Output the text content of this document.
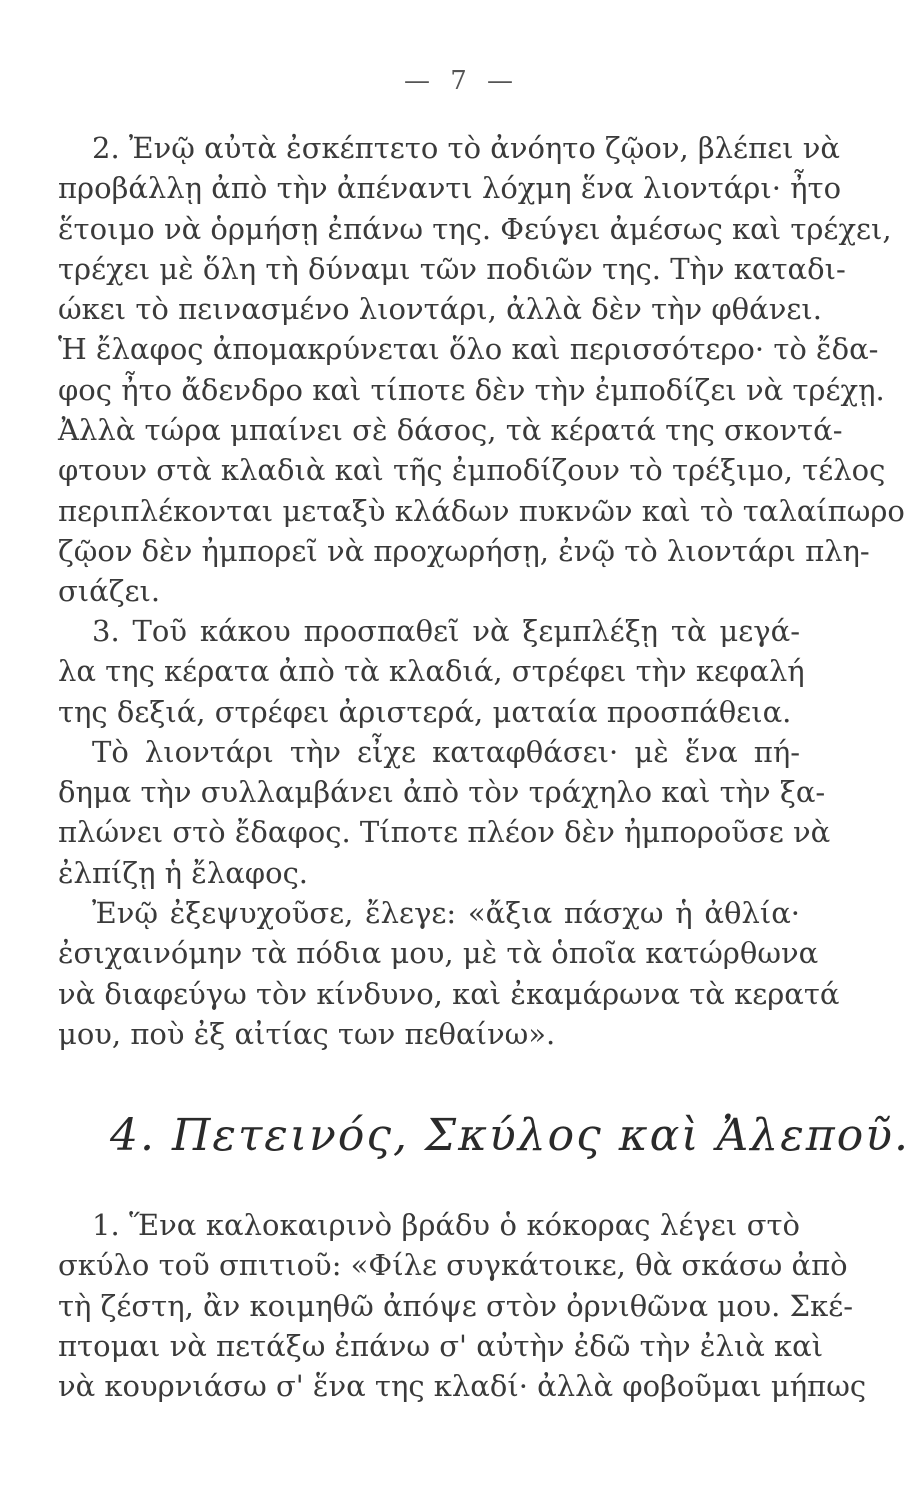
— 7 —
2. Ἐνῷ αὐτὰ ἐσκέπτετο τὸ ἀνόητο ζῷον, βλέπει νὰ
προβάλλῃ ἀπὸ τὴν ἀπέναντι λόχμη ἕνα λιοντάρι· ἦτο
ἕτοιμο νὰ ὁρμήσῃ ἐπάνω της. Φεύγει ἀμέσως καὶ τρέχει,
τρέχει μὲ ὅλη τὴ δύναμι τῶν ποδιῶν της. Τὴν καταδι-
ώκει τὸ πεινασμένο λιοντάρι, ἀλλὰ δὲν τὴν φθάνει.
Ἡ ἔλαφος ἀπομακρύνεται ὅλο καὶ περισσότερο· τὸ ἔδα-
φος ἦτο ἄδενδρο καὶ τίποτε δὲν τὴν ἐμποδίζει νὰ τρέχῃ.
Ἀλλὰ τώρα μπαίνει σὲ δάσος, τὰ κέρατά της σκοντά-
φτουν στὰ κλαδιὰ καὶ τῆς ἐμποδίζουν τὸ τρέξιμο, τέλος
περιπλέκονται μεταξὺ κλάδων πυκνῶν καὶ τὸ ταλαίπωρο
ζῷον δὲν ἠμπορεῖ νὰ προχωρήσῃ, ἐνῷ τὸ λιοντάρι πλη-
σιάζει.
3. Τοῦ κάκου προσπαθεῖ νὰ ξεμπλέξῃ τὰ μεγά-
λα της κέρατα ἀπὸ τὰ κλαδιά, στρέφει τὴν κεφαλή
της δεξιά, στρέφει ἀριστερά, ματαία προσπάθεια.
Τὸ λιοντάρι τὴν εἶχε καταφθάσει· μὲ ἕνα πή-
δημα τὴν συλλαμβάνει ἀπὸ τὸν τράχηλο καὶ τὴν ξα-
πλώνει στὸ ἔδαφος. Τίποτε πλέον δὲν ἠμποροῦσε νὰ
ἐλπίζῃ ἡ ἔλαφος.
Ἐνῷ ἐξεψυχοῦσε, ἔλεγε: «ἄξια πάσχω ἡ ἀθλία·
ἐσιχαινόμην τὰ πόδια μου, μὲ τὰ ὁποῖα κατώρθωνα
νὰ διαφεύγω τὸν κίνδυνο, καὶ ἐκαμάρωνα τὰ κερατά
μου, ποὺ ἐξ αἰτίας των πεθαίνω».
4. Πετεινός, Σκύλος καὶ Ἀλεποῦ.
1. Ἕνα καλοκαιρινὸ βράδυ ὁ κόκορας λέγει στὸ
σκύλο τοῦ σπιτιοῦ: «Φίλε συγκάτοικε, θὰ σκάσω ἀπὸ
τὴ ζέστη, ἂν κοιμηθῶ ἀπόψε στὸν ὀρνιθῶνα μου. Σκέ-
πτομαι νὰ πετάξω ἐπάνω σ' αὐτὴν ἐδῶ τὴν ἐλιὰ καὶ
νὰ κουρνιάσω σ' ἕνα της κλαδί· ἀλλὰ φοβοῦμαι μήπως
